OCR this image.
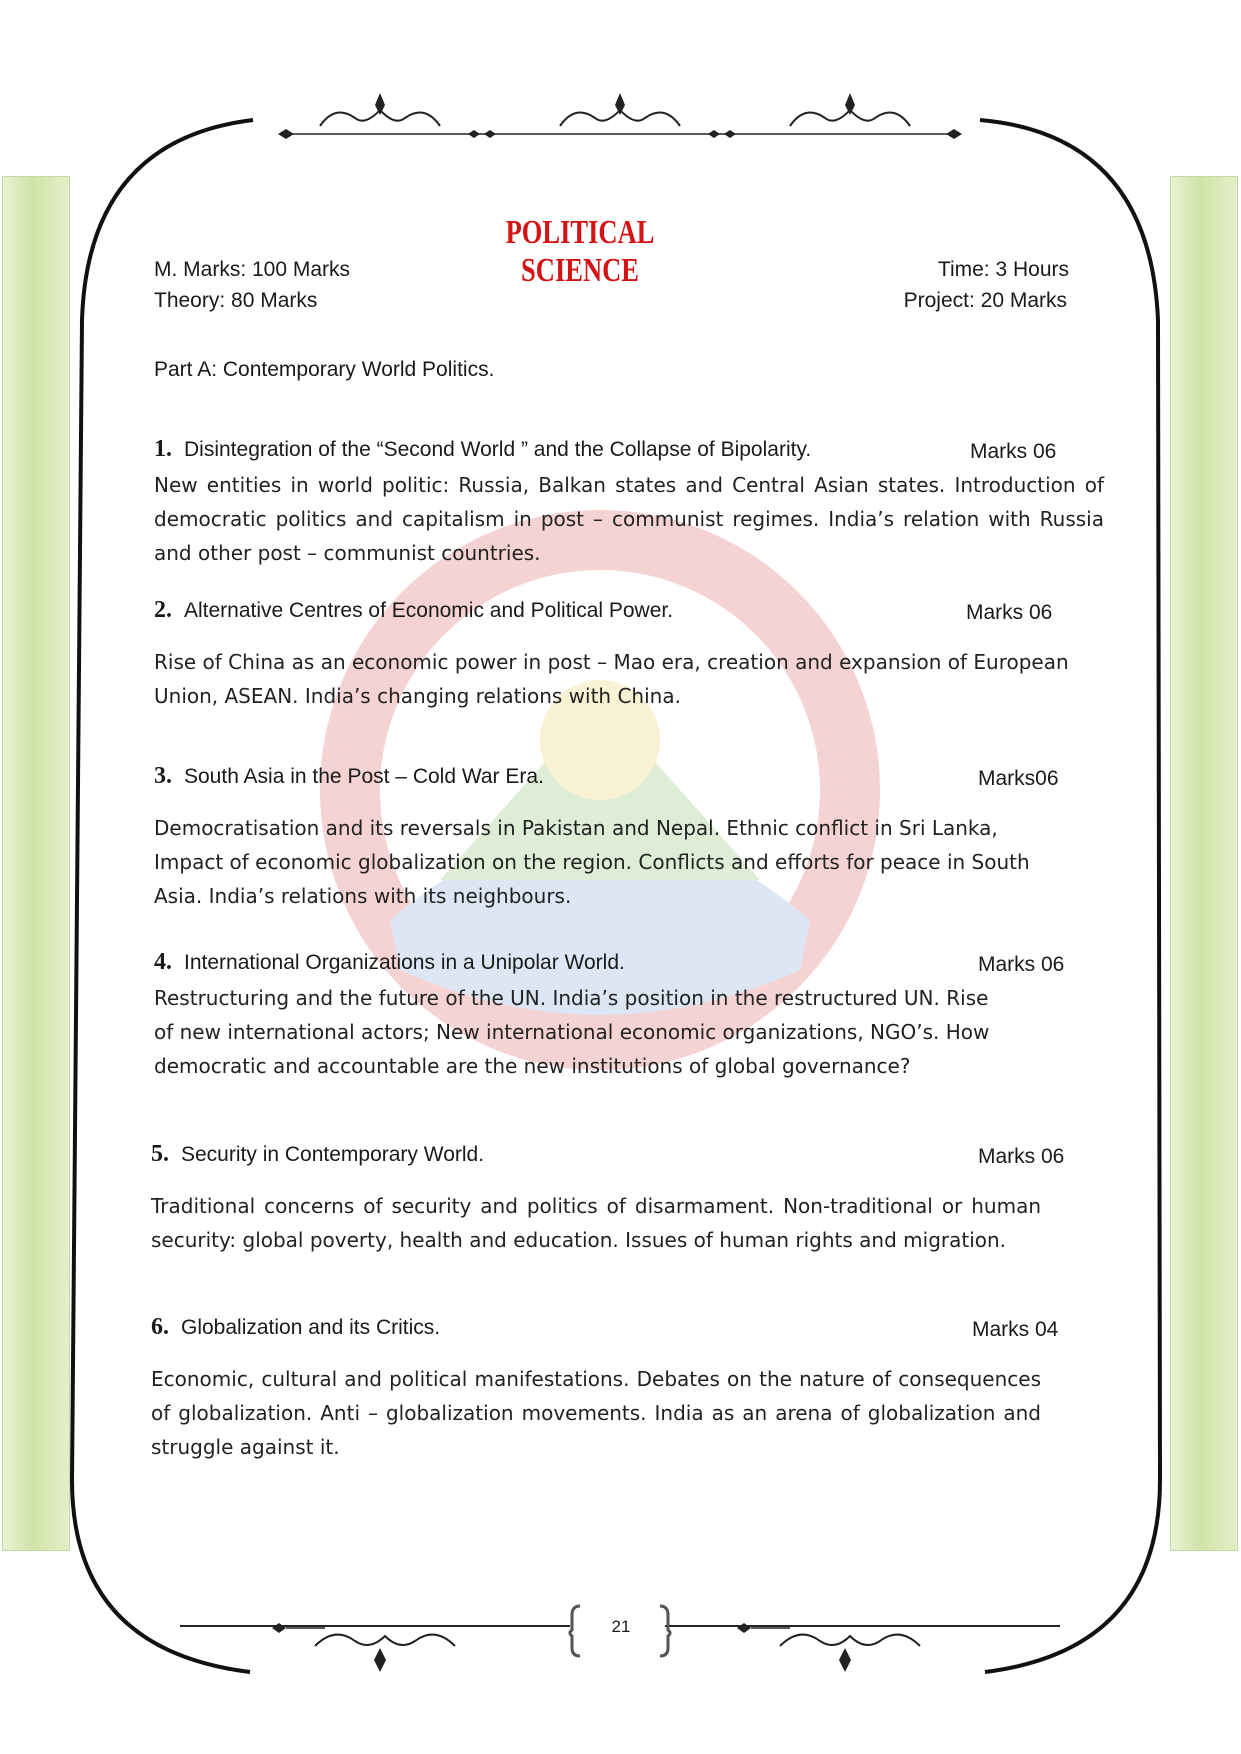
POLITICAL SCIENCE
M. Marks: 100 Marks
Theory: 80 Marks
Time: 3 Hours
Project: 20 Marks
Part A: Contemporary World Politics.
1. Disintegration of the “Second World ” and the Collapse of Bipolarity.	Marks 06
New entities in world politic: Russia, Balkan states and Central Asian states. Introduction of democratic politics and capitalism in post – communist regimes. India’s relation with Russia and other post – communist countries.
2. Alternative Centres of Economic and Political Power.	Marks 06
Rise of China as an economic power in post – Mao era, creation and expansion of European Union, ASEAN. India’s changing relations with China.
3. South Asia in the Post – Cold War Era.	Marks06
Democratisation and its reversals in Pakistan and Nepal. Ethnic conflict in Sri Lanka, Impact of economic globalization on the region. Conflicts and efforts for peace in South Asia. India’s relations with its neighbours.
4. International Organizations in a Unipolar World.	Marks 06
Restructuring and the future of the UN. India’s position in the restructured UN. Rise of new international actors; New international economic organizations, NGO’s. How democratic and accountable are the new institutions of global governance?
5. Security in Contemporary World.	Marks 06
Traditional concerns of security and politics of disarmament. Non-traditional or human security: global poverty, health and education. Issues of human rights and migration.
6. Globalization and its Critics.	Marks 04
Economic, cultural and political manifestations. Debates on the nature of consequences of globalization. Anti – globalization movements. India as an arena of globalization and struggle against it.
21
